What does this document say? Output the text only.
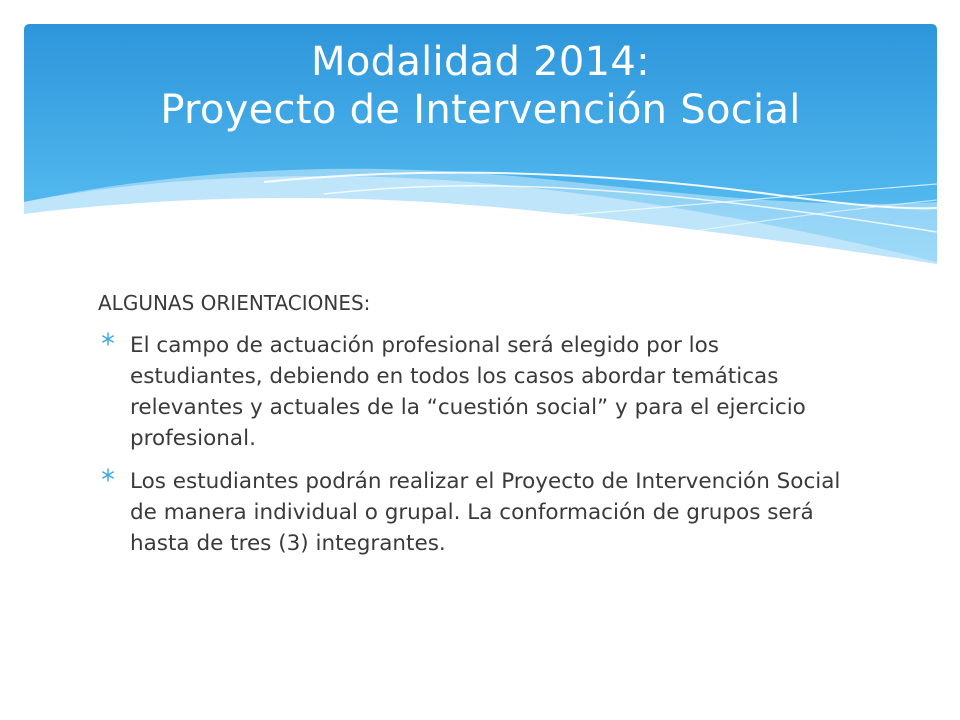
Modalidad 2014:
Proyecto de Intervención Social
ALGUNAS ORIENTACIONES:
El campo de actuación profesional será elegido por los estudiantes, debiendo en todos los casos abordar temáticas relevantes y actuales de la “cuestión social” y para el ejercicio profesional.
Los estudiantes podrán realizar el Proyecto de Intervención Social de manera individual o grupal. La conformación de grupos será hasta de tres (3) integrantes.
